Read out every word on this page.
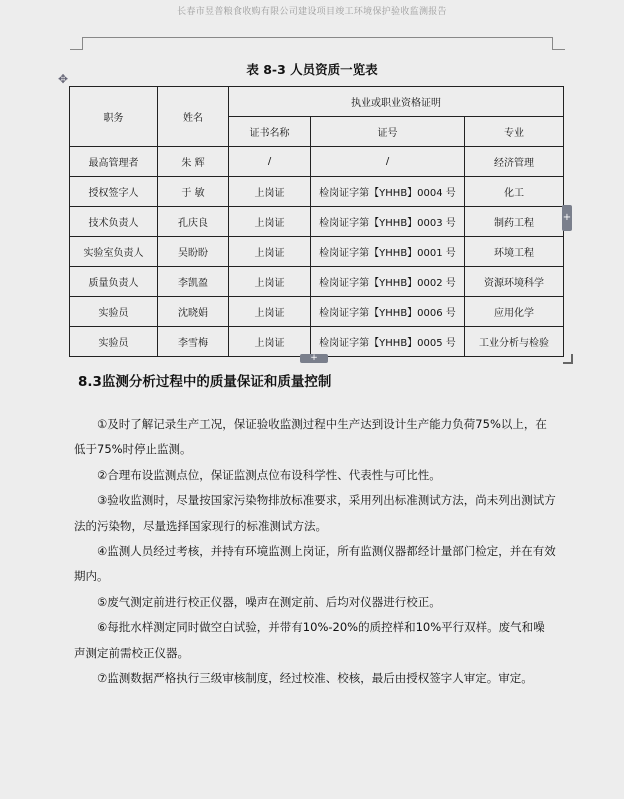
长春市昱普粮食收购有限公司建设项目竣工环境保护验收监测报告
✥
表 8-3 人员资质一览表
职务	姓名	执业或职业资格证明		
		证书名称	证号	专业
最高管理者	朱 辉	/	/	经济管理
授权签字人	于 敏	上岗证	检岗证字第【YHHB】0004 号	化工
技术负责人	孔庆良	上岗证	检岗证字第【YHHB】0003 号	制药工程
实验室负责人	吴盼盼	上岗证	检岗证字第【YHHB】0001 号	环境工程
质量负责人	李凯盈	上岗证	检岗证字第【YHHB】0002 号	资源环境科学
实验员	沈晓娟	上岗证	检岗证字第【YHHB】0006 号	应用化学
实验员	李雪梅	上岗证	检岗证字第【YHHB】0005 号	工业分析与检验
+
+
8.3监测分析过程中的质量保证和质量控制

①及时了解记录生产工况，保证验收监测过程中生产达到设计生产能力负荷75%以上，在低于75%时停止监测。

②合理布设监测点位，保证监测点位布设科学性、代表性与可比性。

③验收监测时，尽量按国家污染物排放标准要求，采用列出标准测试方法，尚未列出测试方法的污染物，尽量选择国家现行的标准测试方法。

④监测人员经过考核，并持有环境监测上岗证，所有监测仪器都经计量部门检定，并在有效期内。

⑤废气测定前进行校正仪器，噪声在测定前、后均对仪器进行校正。

⑥每批水样测定同时做空白试验，并带有10%-20%的质控样和10%平行双样。废气和噪声测定前需校正仪器。

⑦监测数据严格执行三级审核制度，经过校准、校核，最后由授权签字人审定。审定。
